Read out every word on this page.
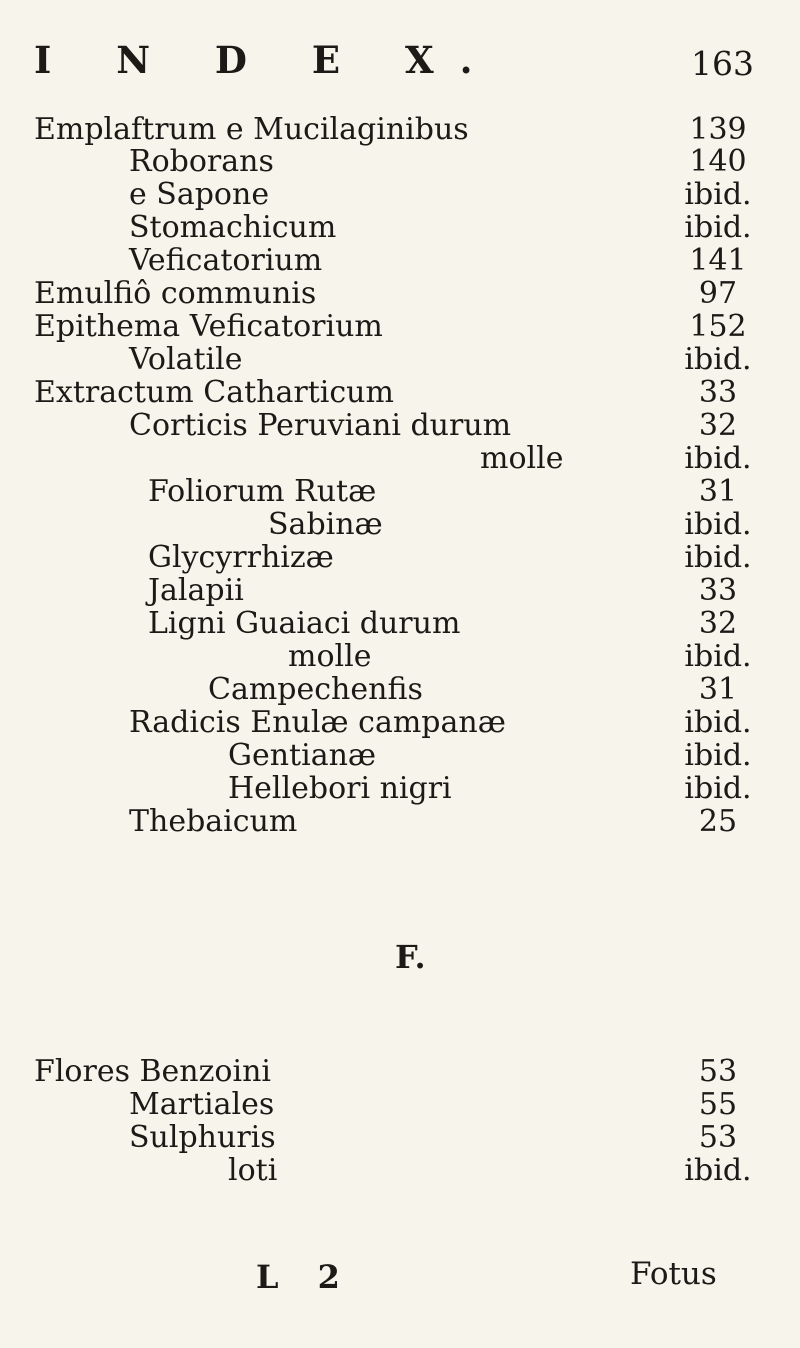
I N D E X.	163
Emplaftrum e Mucilaginibus	139
Roborans	140
e Sapone	ibid.
Stomachicum	ibid.
Veficatorium	141
Emulfiô communis	97
Epithema Veficatorium	152
Volatile	ibid.
Extractum Catharticum	33
Corticis Peruviani durum	32
molle	ibid.
Foliorum Rutæ	31
Sabinæ	ibid.
Glycyrrhizæ	ibid.
Jalapii	33
Ligni Guaiaci durum	32
molle	ibid.
Campechenfis	31
Radicis Enulæ campanæ	ibid.
Gentianæ	ibid.
Hellebori nigri	ibid.
Thebaicum	25
F.
Flores Benzoini	53
Martiales	55
Sulphuris	53
loti	ibid.
L 2	Fotus
